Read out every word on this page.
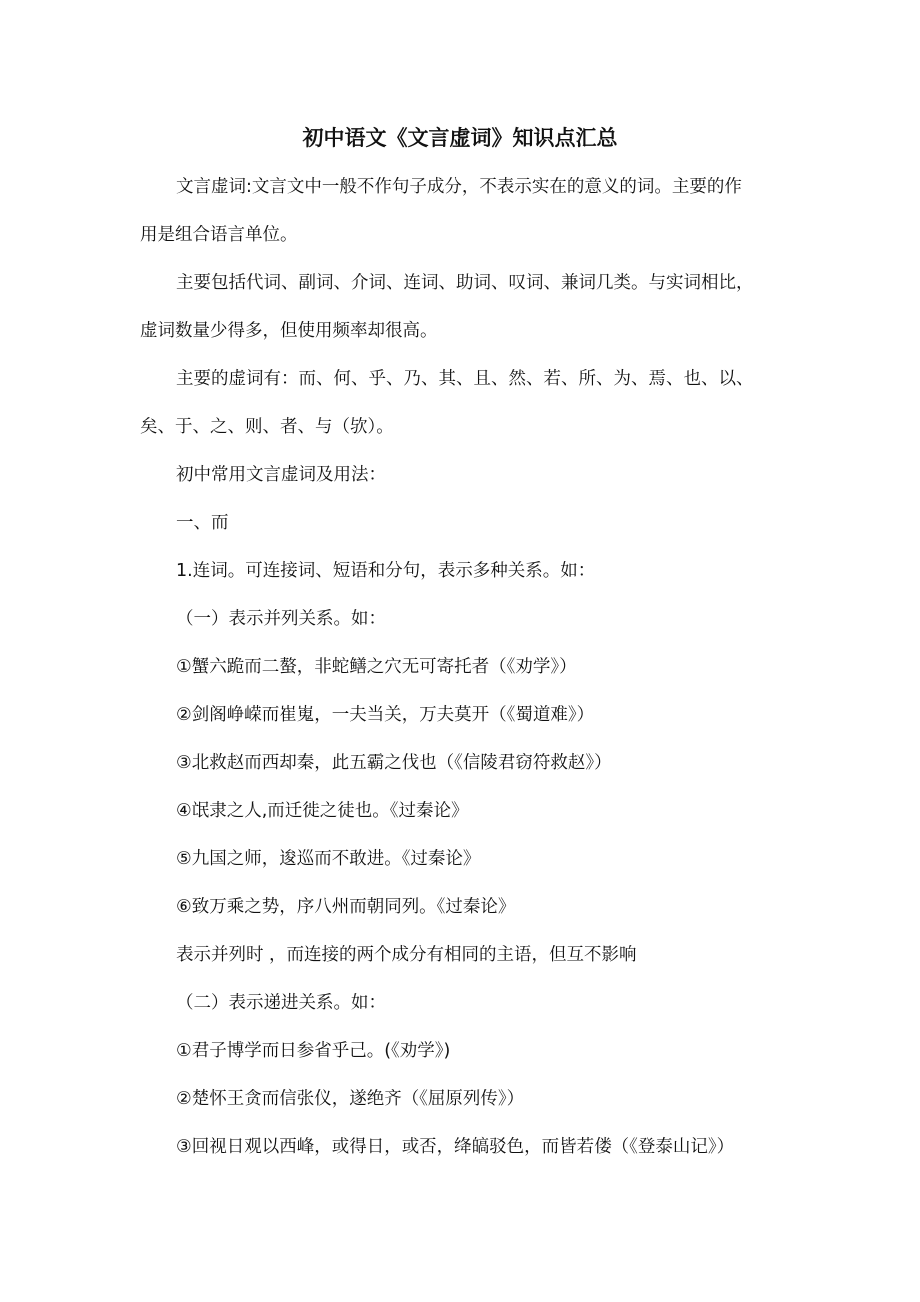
初中语文《文言虚词》知识点汇总
文言虚词:文言文中一般不作句子成分，不表示实在的意义的词。主要的作
用是组合语言单位。
主要包括代词、副词、介词、连词、助词、叹词、兼词几类。与实词相比，
虚词数量少得多，但使用频率却很高。
主要的虚词有：而、何、乎、乃、其、且、然、若、所、为、焉、也、以、
矣、于、之、则、者、与（欤）。
初中常用文言虚词及用法：
一、而
1.连词。可连接词、短语和分句，表示多种关系。如：
（一）表示并列关系。如：
①蟹六跪而二螯，非蛇鳝之穴无可寄托者（《劝学》）
②剑阁峥嵘而崔嵬，一夫当关，万夫莫开（《蜀道难》）
③北救赵而西却秦，此五霸之伐也（《信陵君窃符救赵》）
④氓隶之人,而迁徙之徒也。《过秦论》
⑤九国之师，逡巡而不敢进。《过秦论》
⑥致万乘之势，序八州而朝同列。《过秦论》
表示并列时 ，而连接的两个成分有相同的主语，但互不影响
（二）表示递进关系。如：
①君子博学而日参省乎己。(《劝学》)
②楚怀王贪而信张仪，遂绝齐（《屈原列传》）
③回视日观以西峰，或得日，或否，绛皜驳色，而皆若偻（《登泰山记》）
